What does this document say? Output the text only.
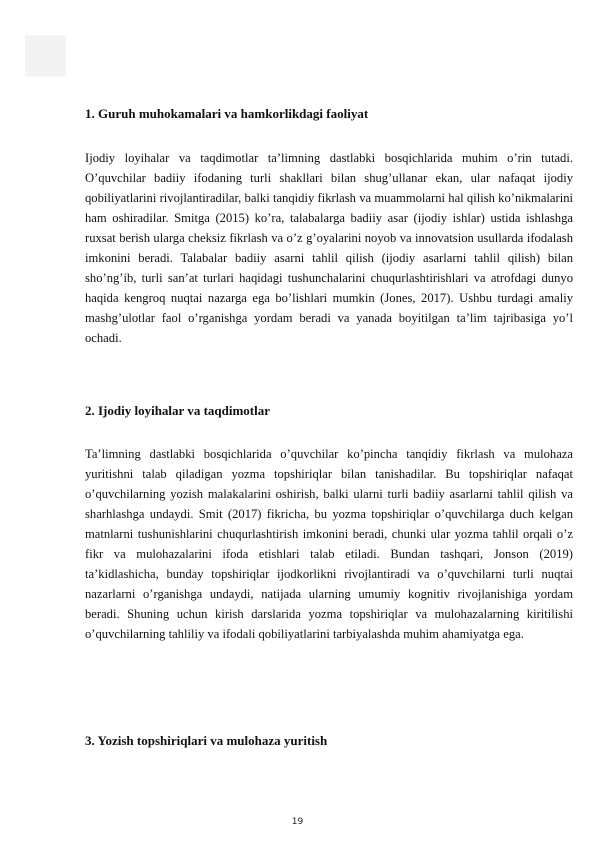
■
1. Guruh muhokamalari va hamkorlikdagi faoliyat

Ijodiy loyihalar va taqdimotlar ta’limning dastlabki bosqichlarida muhim o’rin tutadi. O’quvchilar badiiy ifodaning turli shakllari bilan shug’ullanar ekan, ular nafaqat ijodiy qobiliyatlarini rivojlantiradilar, balki tanqidiy fikrlash va muammolarni hal qilish ko’nikmalarini ham oshiradilar. Smitga (2015) ko’ra, talabalarga badiiy asar (ijodiy ishlar) ustida ishlashga ruxsat berish ularga cheksiz fikrlash va o’z g’oyalarini noyob va innovatsion usullarda ifodalash imkonini beradi. Talabalar badiiy asarni tahlil qilish (ijodiy asarlarni tahlil qilish) bilan sho’ng’ib, turli san’at turlari haqidagi tushunchalarini chuqurlashtirishlari va atrofdagi dunyo haqida kengroq nuqtai nazarga ega bo’lishlari mumkin (Jones, 2017). Ushbu turdagi amaliy mashg’ulotlar faol o’rganishga yordam beradi va yanada boyitilgan ta’lim tajribasiga yo’l ochadi.

2. Ijodiy loyihalar va taqdimotlar

Ta’limning dastlabki bosqichlarida o’quvchilar ko’pincha tanqidiy fikrlash va mulohaza yuritishni talab qiladigan yozma topshiriqlar bilan tanishadilar. Bu topshiriqlar nafaqat o’quvchilarning yozish malakalarini oshirish, balki ularni turli badiiy asarlarni tahlil qilish va sharhlashga undaydi. Smit (2017) fikricha, bu yozma topshiriqlar o’quvchilarga duch kelgan matnlarni tushunishlarini chuqurlashtirish imkonini beradi, chunki ular yozma tahlil orqali o’z fikr va mulohazalarini ifoda etishlari talab etiladi. Bundan tashqari, Jonson (2019) ta’kidlashicha, bunday topshiriqlar ijodkorlikni rivojlantiradi va o’quvchilarni turli nuqtai nazarlarni o’rganishga undaydi, natijada ularning umumiy kognitiv rivojlanishiga yordam beradi. Shuning uchun kirish darslarida yozma topshiriqlar va mulohazalarning kiritilishi o’quvchilarning tahliliy va ifodali qobiliyatlarini tarbiyalashda muhim ahamiyatga ega.

3. Yozish topshiriqlari va mulohaza yuritish
19
